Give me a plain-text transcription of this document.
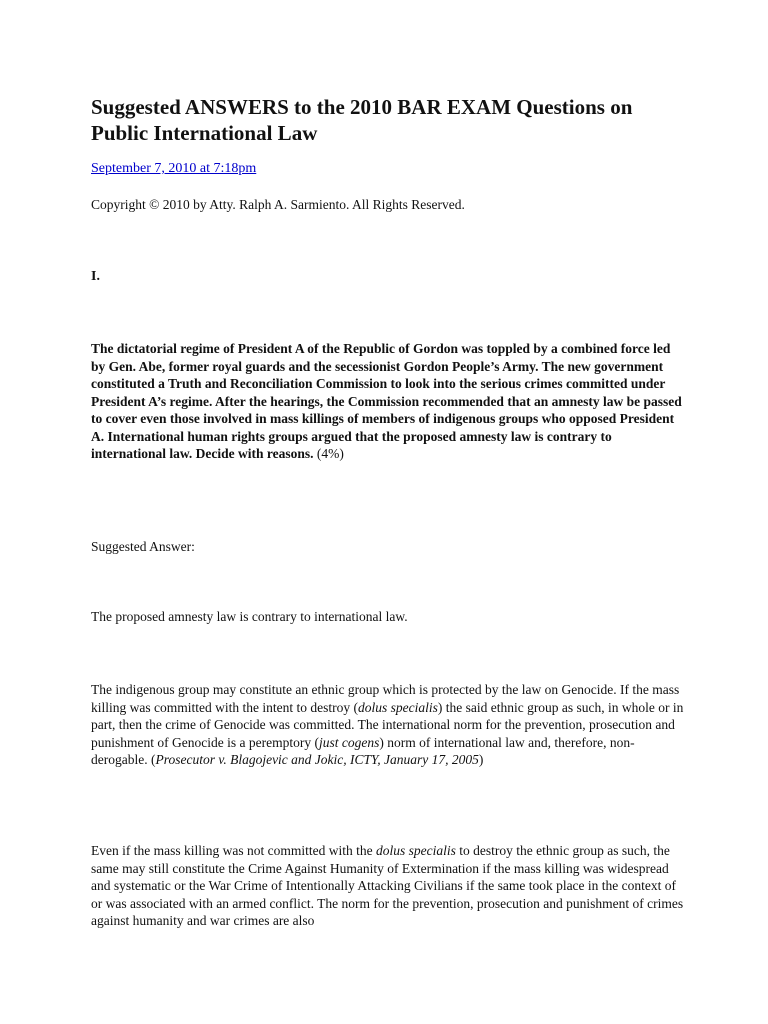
Suggested ANSWERS to the 2010 BAR EXAM Questions on Public International Law
September 7, 2010 at 7:18pm
Copyright © 2010 by Atty. Ralph A. Sarmiento. All Rights Reserved.
I.

The dictatorial regime of President A of the Republic of Gordon was toppled by a combined force led by Gen. Abe, former royal guards and the secessionist Gordon People’s Army. The new government constituted a Truth and Reconciliation Commission to look into the serious crimes committed under President A’s regime. After the hearings, the Commission recommended that an amnesty law be passed to cover even those involved in mass killings of members of indigenous groups who opposed President A. International human rights groups argued that the proposed amnesty law is contrary to international law. Decide with reasons. (4%)

Suggested Answer:
The proposed amnesty law is contrary to international law.

The indigenous group may constitute an ethnic group which is protected by the law on Genocide. If the mass killing was committed with the intent to destroy (dolus specialis) the said ethnic group as such, in whole or in part, then the crime of Genocide was committed. The international norm for the prevention, prosecution and punishment of Genocide is a peremptory (just cogens) norm of international law and, therefore, non-derogable. (Prosecutor v. Blagojevic and Jokic, ICTY, January 17, 2005)

Even if the mass killing was not committed with the dolus specialis to destroy the ethnic group as such, the same may still constitute the Crime Against Humanity of Extermination if the mass killing was widespread and systematic or the War Crime of Intentionally Attacking Civilians if the same took place in the context of or was associated with an armed conflict. The norm for the prevention, prosecution and punishment of crimes against humanity and war crimes are also
